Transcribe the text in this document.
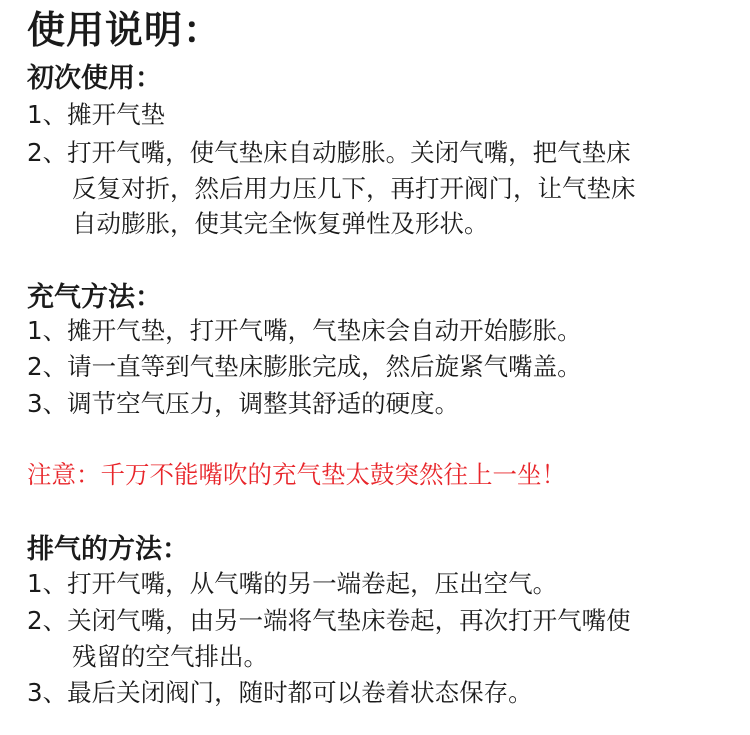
使用说明：
初次使用：
1、摊开气垫
2、打开气嘴，使气垫床自动膨胀。关闭气嘴，把气垫床
反复对折，然后用力压几下，再打开阀门，让气垫床
自动膨胀，使其完全恢复弹性及形状。
充气方法：
1、摊开气垫，打开气嘴，气垫床会自动开始膨胀。
2、请一直等到气垫床膨胀完成，然后旋紧气嘴盖。
3、调节空气压力，调整其舒适的硬度。
注意：千万不能嘴吹的充气垫太鼓突然往上一坐！
排气的方法：
1、打开气嘴，从气嘴的另一端卷起，压出空气。
2、关闭气嘴，由另一端将气垫床卷起，再次打开气嘴使
残留的空气排出。
3、最后关闭阀门，随时都可以卷着状态保存。
